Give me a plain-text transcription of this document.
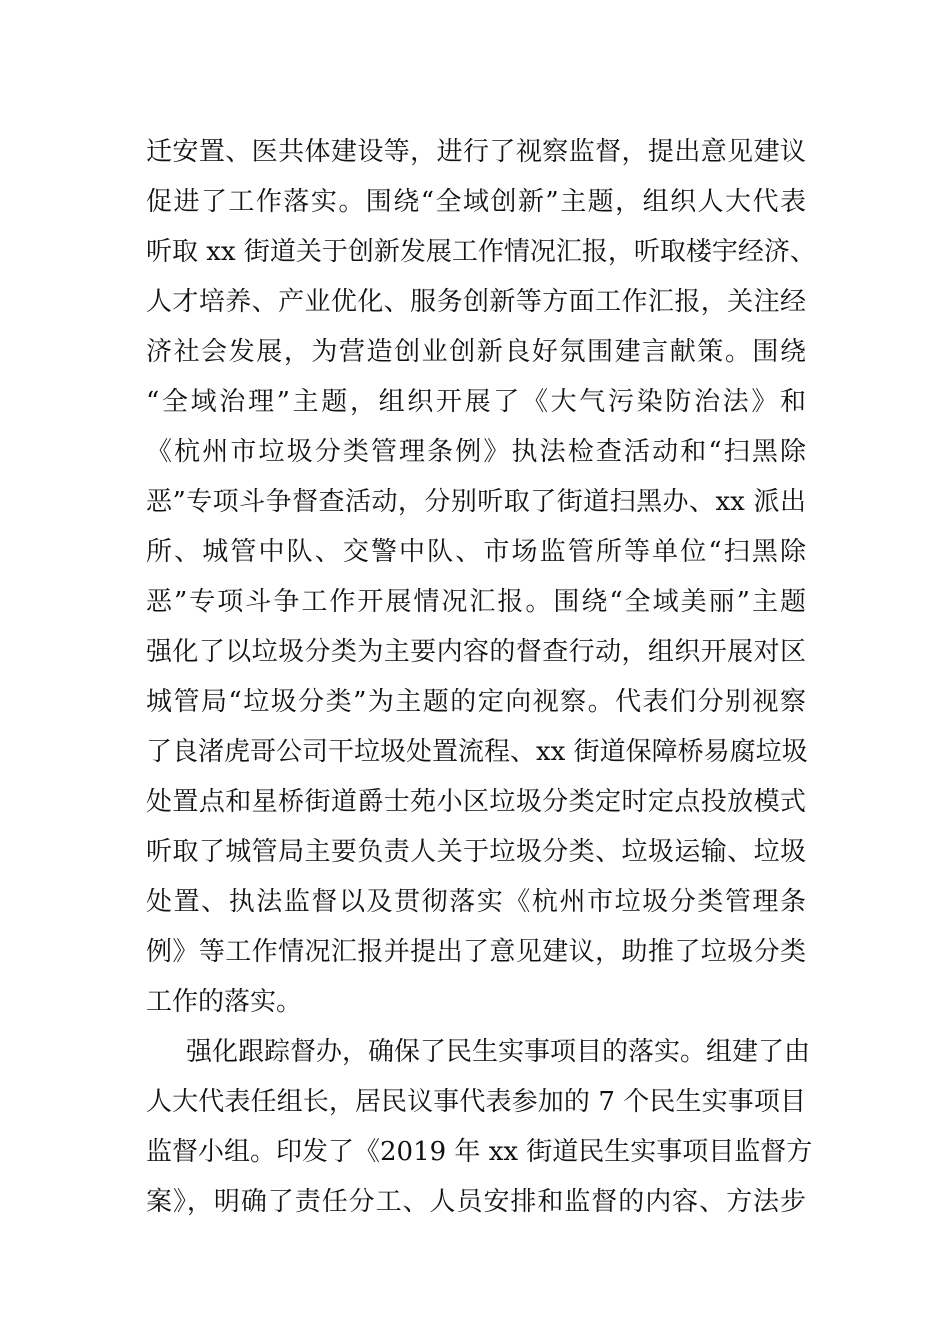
迁安置、医共体建设等，进行了视察监督，提出意见建议
促进了工作落实。围绕“全域创新”主题，组织人大代表
听取 xx 街道关于创新发展工作情况汇报，听取楼宇经济、
人才培养、产业优化、服务创新等方面工作汇报，关注经
济社会发展，为营造创业创新良好氛围建言献策。围绕
“全域治理”主题，组织开展了《大气污染防治法》和
《杭州市垃圾分类管理条例》执法检查活动和“扫黑除
恶”专项斗争督查活动，分别听取了街道扫黑办、xx 派出
所、城管中队、交警中队、市场监管所等单位“扫黑除
恶”专项斗争工作开展情况汇报。围绕“全域美丽”主题
强化了以垃圾分类为主要内容的督查行动，组织开展对区
城管局“垃圾分类”为主题的定向视察。代表们分别视察
了良渚虎哥公司干垃圾处置流程、xx 街道保障桥易腐垃圾
处置点和星桥街道爵士苑小区垃圾分类定时定点投放模式
听取了城管局主要负责人关于垃圾分类、垃圾运输、垃圾
处置、执法监督以及贯彻落实《杭州市垃圾分类管理条
例》等工作情况汇报并提出了意见建议，助推了垃圾分类
工作的落实。
强化跟踪督办，确保了民生实事项目的落实。组建了由
人大代表任组长，居民议事代表参加的 7 个民生实事项目
监督小组。印发了《2019 年 xx 街道民生实事项目监督方
案》，明确了责任分工、人员安排和监督的内容、方法步
